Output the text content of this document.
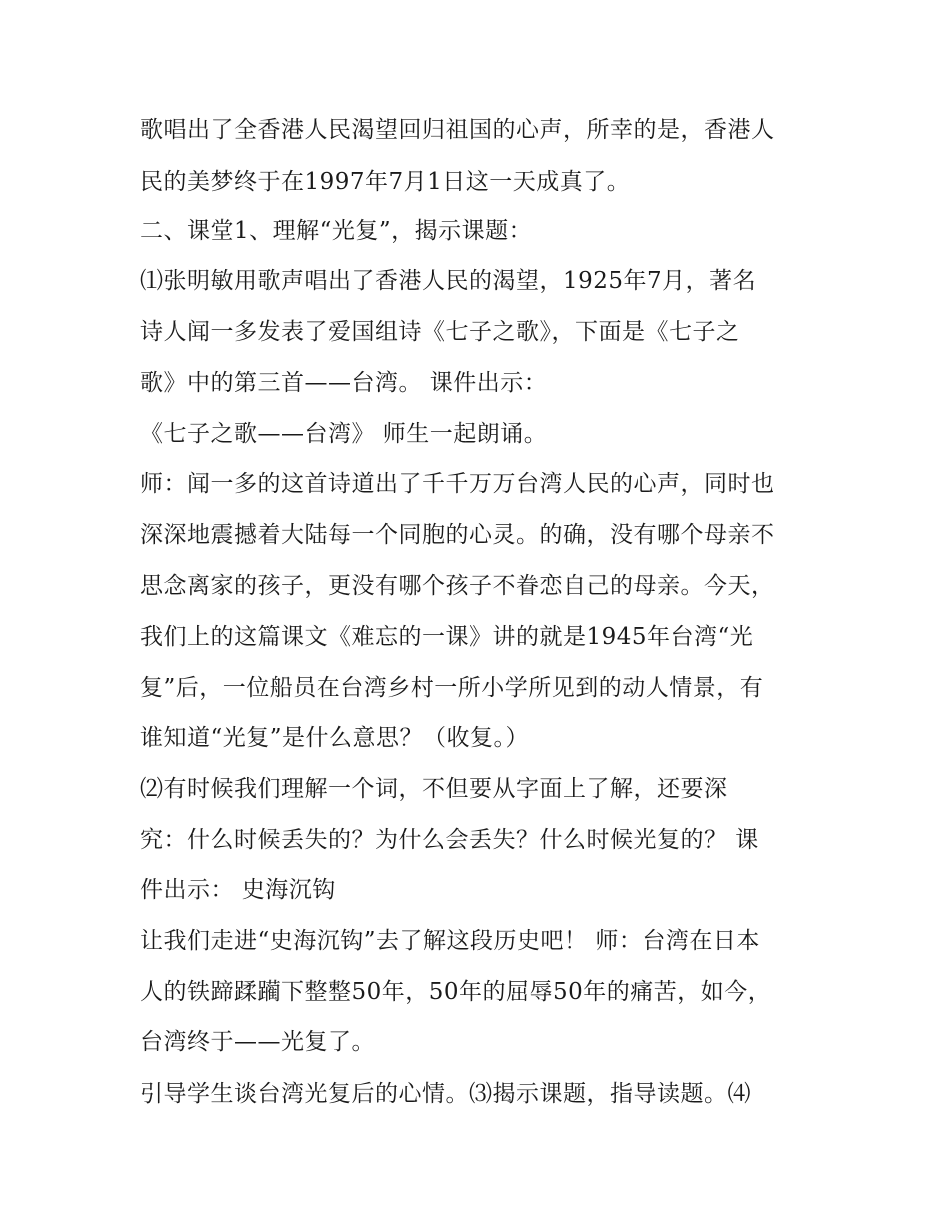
歌唱出了全香港人民渴望回归祖国的心声，所幸的是，香港人
民的美梦终于在1997年7月1日这一天成真了。
二、课堂1、理解“光复”，揭示课题：
⑴张明敏用歌声唱出了香港人民的渴望，1925年7月，著名
诗人闻一多发表了爱国组诗《七子之歌》，下面是《七子之
歌》中的第三首——台湾。 课件出示：
《七子之歌——台湾》 师生一起朗诵。
师：闻一多的这首诗道出了千千万万台湾人民的心声，同时也
深深地震撼着大陆每一个同胞的心灵。的确，没有哪个母亲不
思念离家的孩子，更没有哪个孩子不眷恋自己的母亲。今天，
我们上的这篇课文《难忘的一课》讲的就是1945年台湾“光
复”后，一位船员在台湾乡村一所小学所见到的动人情景，有
谁知道“光复”是什么意思？（收复。）
⑵有时候我们理解一个词，不但要从字面上了解，还要深
究：什么时候丢失的？为什么会丢失？什么时候光复的？ 课
件出示： 史海沉钩
让我们走进“史海沉钩”去了解这段历史吧！ 师：台湾在日本
人的铁蹄蹂躏下整整50年，50年的屈辱50年的痛苦，如今，
台湾终于——光复了。
引导学生谈台湾光复后的心情。⑶揭示课题，指导读题。⑷
